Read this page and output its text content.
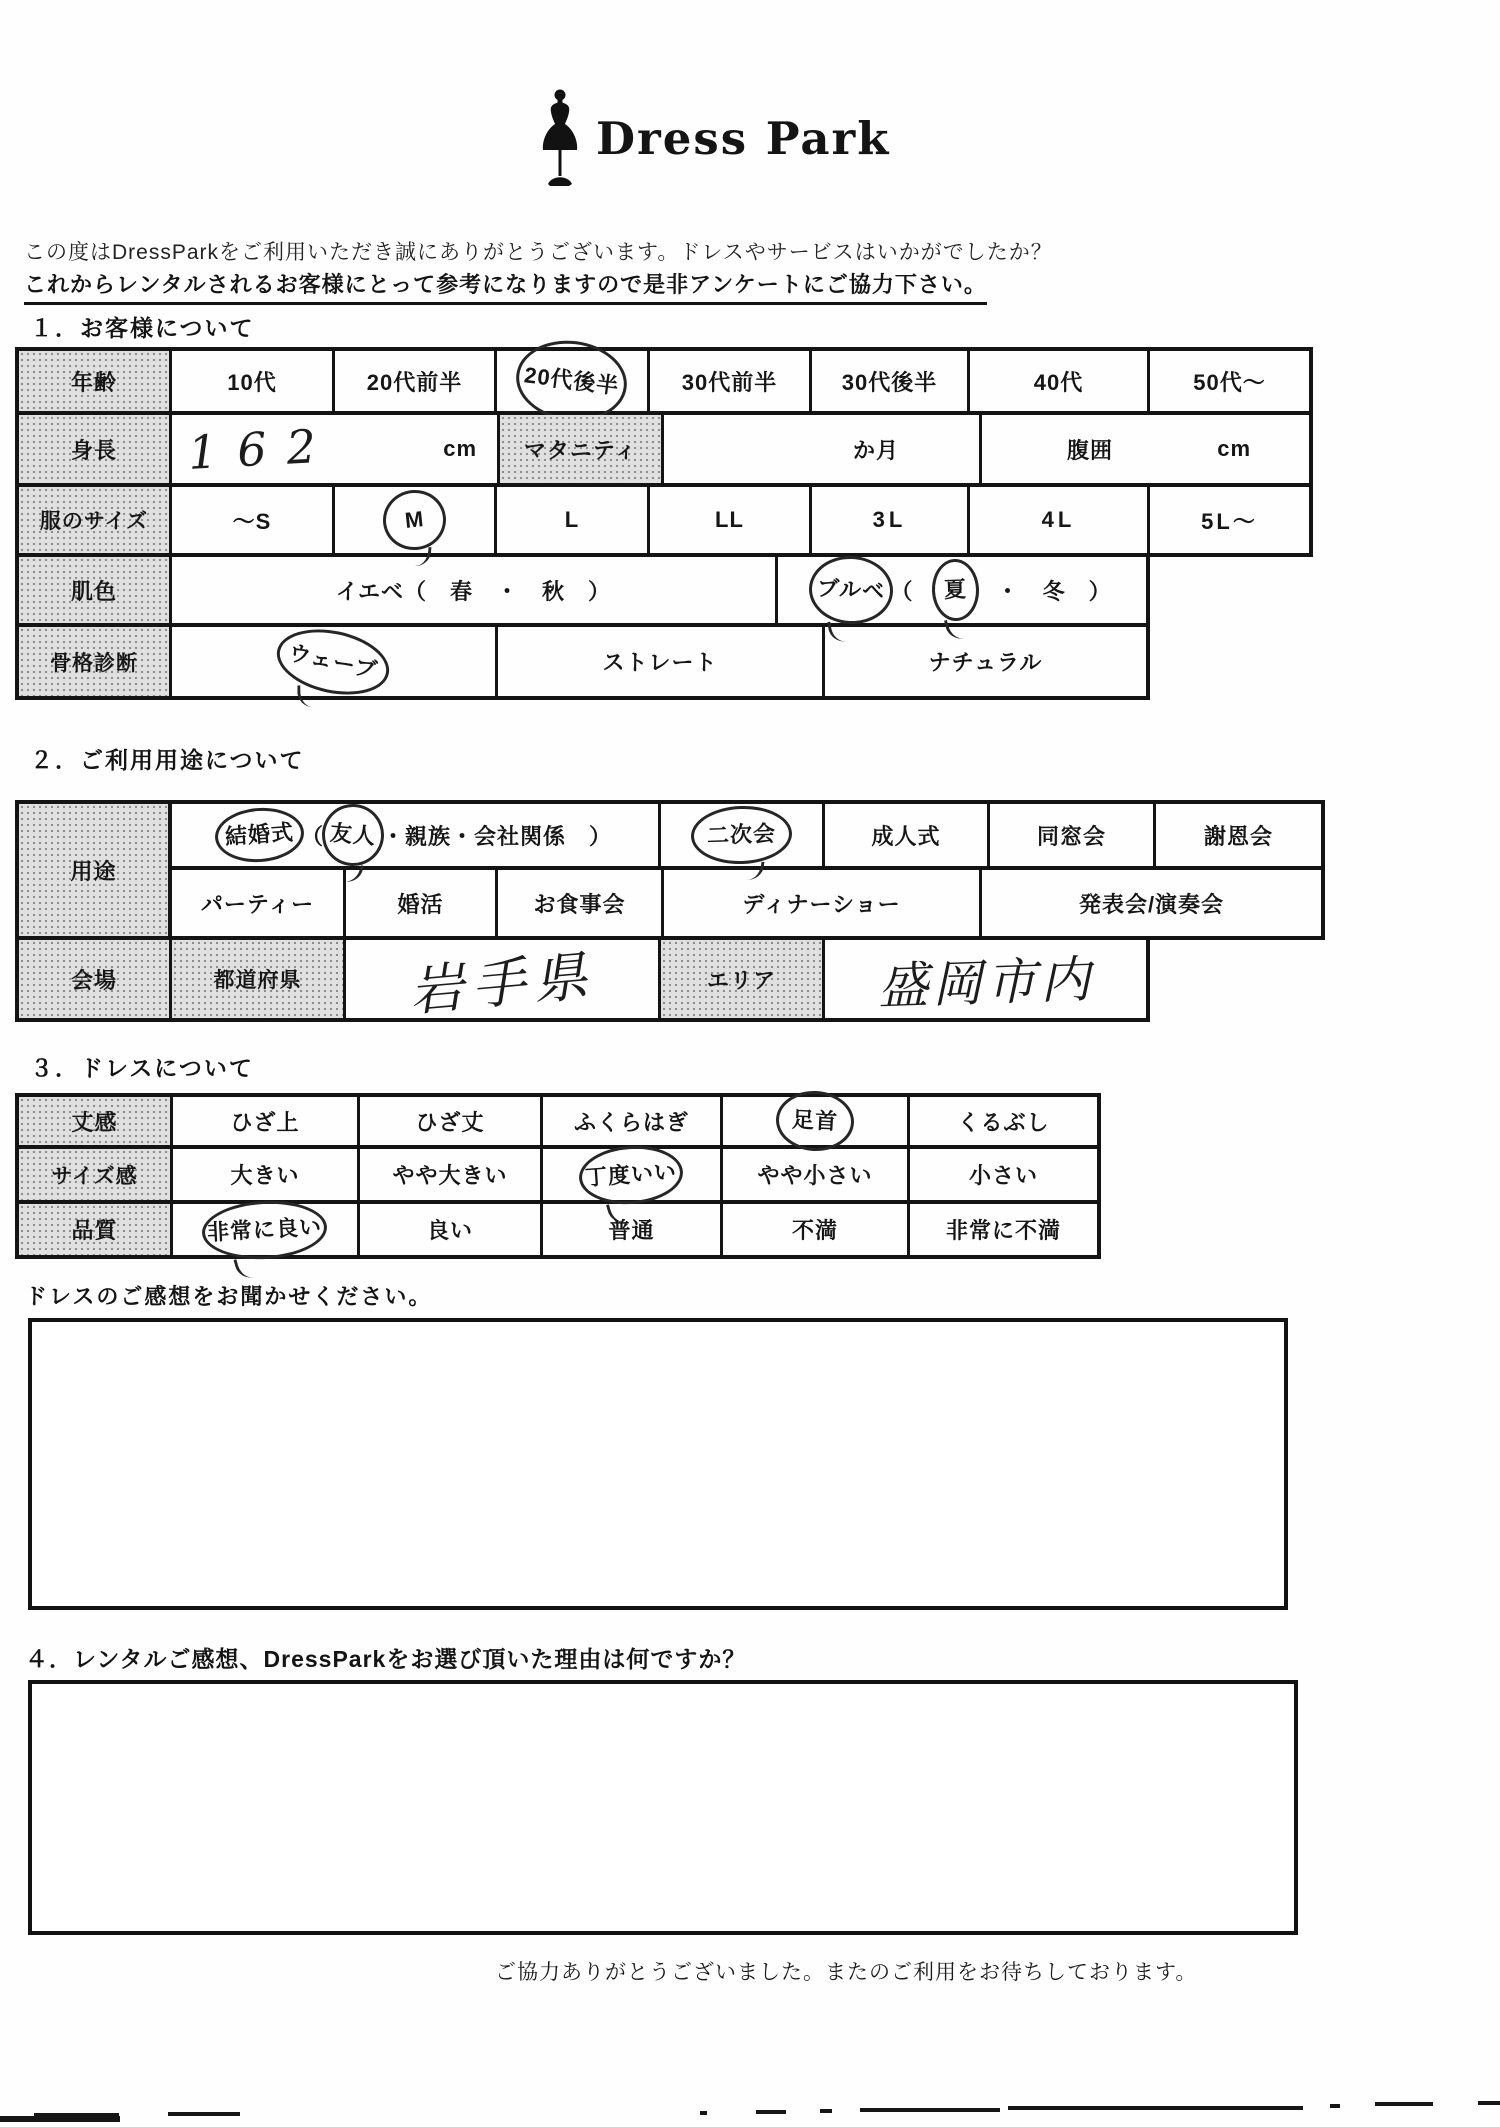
Dress Park
この度はDressParkをご利用いただき誠にありがとうございます。ドレスやサービスはいかがでしたか？
これからレンタルされるお客様にとって参考になりますので是非アンケートにご協力下さい。
１．お客様について
年齢	10代	20代前半	20代後半	30代前半	30代後半	40代	50代～
身長	162	cm	マタニティ	か月	腹囲	cm
服のサイズ	～S	M	L	LL	3L	4L	5L～
肌色	イエベ （　春　・　秋　）	ブルベ （　 夏 　・　 冬 　）
骨格診断	ウェーブ	ストレート	ナチュラル
２．ご利用用途について
用途
結婚式 （ 友人 ・親族・会社関係 　）	二次会	成人式	同窓会	謝恩会
パーティー	婚活	お食事会	ディナーショー	発表会/演奏会
会場	都道府県	岩手県	エリア	盛岡市内
３．ドレスについて
丈感	ひざ上	ひざ丈	ふくらはぎ	足首	くるぶし
サイズ感	大きい	やや大きい	丁度いい	やや小さい	小さい
品質	非常に良い	良い	普通	不満	非常に不満
ドレスのご感想をお聞かせください。
４．レンタルご感想、DressParkをお選び頂いた理由は何ですか？
ご協力ありがとうございました。またのご利用をお待ちしております。
